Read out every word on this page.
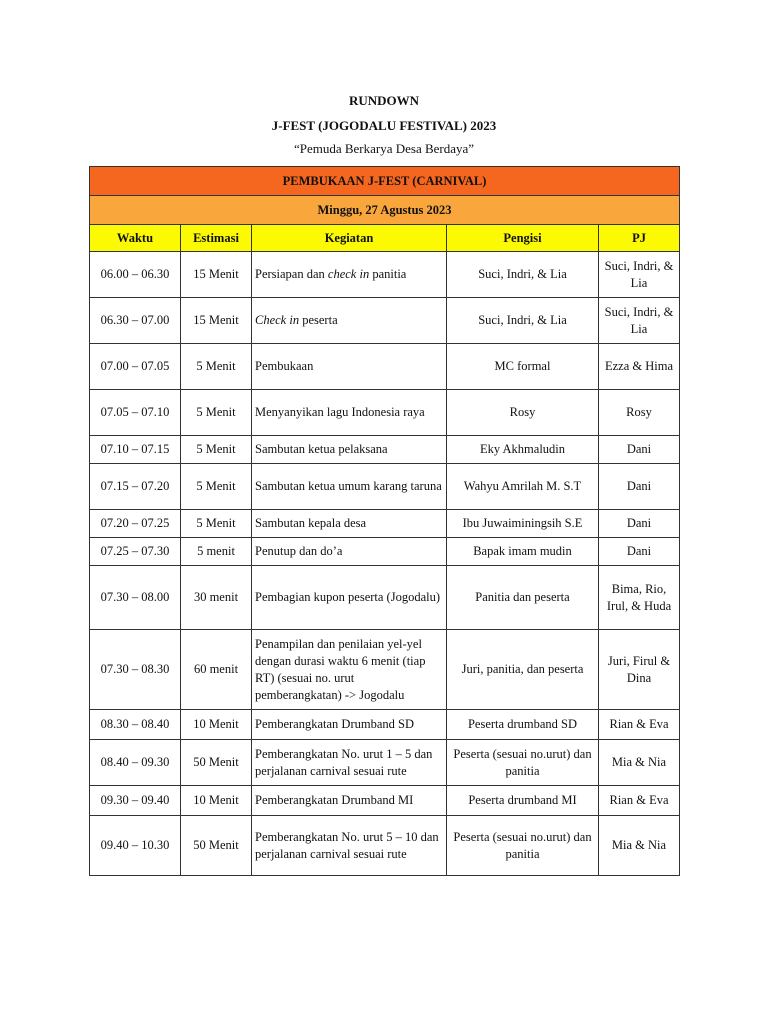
RUNDOWN
J-FEST (JOGODALU FESTIVAL) 2023
“Pemuda Berkarya Desa Berdaya”
PEMBUKAAN J-FEST (CARNIVAL)				
Minggu, 27 Agustus 2023				
Waktu	Estimasi	Kegiatan	Pengisi	PJ
06.00 – 06.30	15 Menit	Persiapan dan check in panitia	Suci, Indri, & Lia	Suci, Indri, & Lia
06.30 – 07.00	15 Menit	Check in peserta	Suci, Indri, & Lia	Suci, Indri, & Lia
07.00 – 07.05	5 Menit	Pembukaan	MC formal	Ezza & Hima
07.05 – 07.10	5 Menit	Menyanyikan lagu Indonesia raya	Rosy	Rosy
07.10 – 07.15	5 Menit	Sambutan ketua pelaksana	Eky Akhmaludin	Dani
07.15 – 07.20	5 Menit	Sambutan ketua umum karang taruna	Wahyu Amrilah M. S.T	Dani
07.20 – 07.25	5 Menit	Sambutan kepala desa	Ibu Juwaiminingsih S.E	Dani
07.25 – 07.30	5 menit	Penutup dan do’a	Bapak imam mudin	Dani
07.30 – 08.00	30 menit	Pembagian kupon peserta (Jogodalu)	Panitia dan peserta	Bima, Rio, Irul, & Huda
07.30 – 08.30	60 menit	Penampilan dan penilaian yel-yel dengan durasi waktu 6 menit (tiap RT) (sesuai no. urut pemberangkatan) -> Jogodalu	Juri, panitia, dan peserta	Juri, Firul & Dina
08.30 – 08.40	10 Menit	Pemberangkatan Drumband SD	Peserta drumband SD	Rian & Eva
08.40 – 09.30	50 Menit	Pemberangkatan No. urut 1 – 5 dan perjalanan carnival sesuai rute	Peserta (sesuai no.urut) dan panitia	Mia & Nia
09.30 – 09.40	10 Menit	Pemberangkatan Drumband MI	Peserta drumband MI	Rian & Eva
09.40 – 10.30	50 Menit	Pemberangkatan No. urut 5 – 10 dan perjalanan carnival sesuai rute	Peserta (sesuai no.urut) dan panitia	Mia & Nia
